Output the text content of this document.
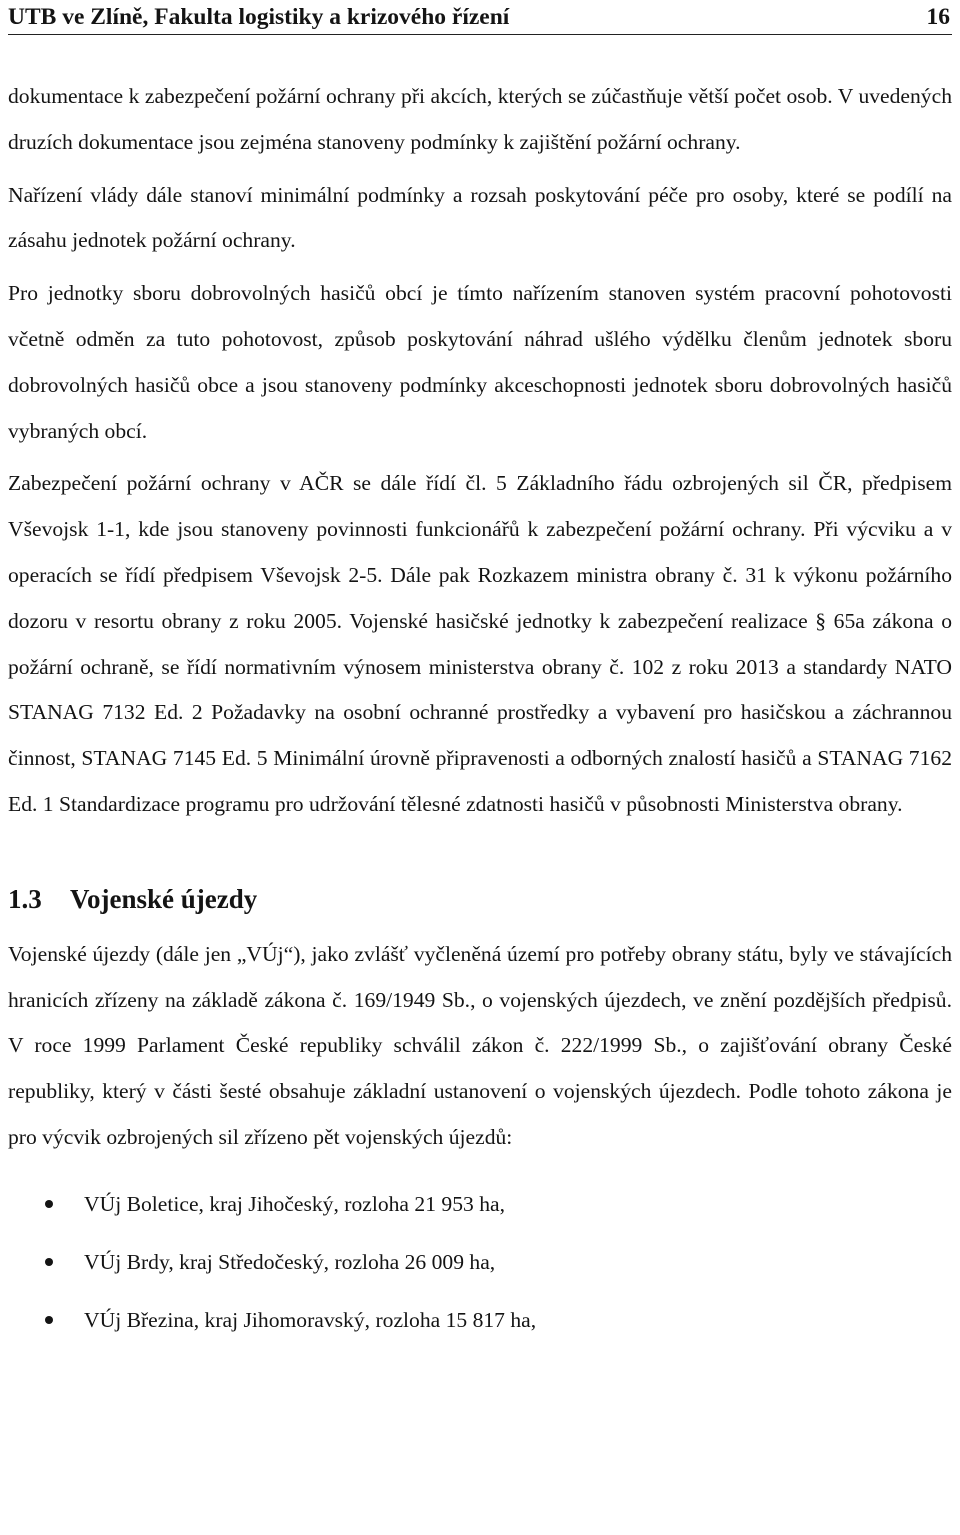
UTB ve Zlíně, Fakulta logistiky a krizového řízení	16

dokumentace k zabezpečení požární ochrany při akcích, kterých se zúčastňuje větší počet osob. V uvedených druzích dokumentace jsou zejména stanoveny podmínky k zajištění požární ochrany.

Nařízení vlády dále stanoví minimální podmínky a rozsah poskytování péče pro osoby, které se podílí na zásahu jednotek požární ochrany.

Pro jednotky sboru dobrovolných hasičů obcí je tímto nařízením stanoven systém pracovní pohotovosti včetně odměn za tuto pohotovost, způsob poskytování náhrad ušlého výdělku členům jednotek sboru dobrovolných hasičů obce a jsou stanoveny podmínky akceschopnosti jednotek sboru dobrovolných hasičů vybraných obcí.

Zabezpečení požární ochrany v AČR se dále řídí čl. 5 Základního řádu ozbrojených sil ČR, předpisem Vševojsk 1-1, kde jsou stanoveny povinnosti funkcionářů k zabezpečení požární ochrany. Při výcviku a v operacích se řídí předpisem Vševojsk 2-5. Dále pak Rozkazem ministra obrany č. 31 k výkonu požárního dozoru v resortu obrany z roku 2005. Vojenské hasičské jednotky k zabezpečení realizace § 65a zákona o požární ochraně, se řídí normativním výnosem ministerstva obrany č. 102 z roku 2013 a standardy NATO STANAG 7132 Ed. 2 Požadavky na osobní ochranné prostředky a vybavení pro hasičskou a záchrannou činnost, STANAG 7145 Ed. 5 Minimální úrovně připravenosti a odborných znalostí hasičů a STANAG 7162 Ed. 1 Standardizace programu pro udržování tělesné zdatnosti hasičů v působnosti Ministerstva obrany.

1.3	Vojenské újezdy

Vojenské újezdy (dále jen „VÚj“), jako zvlášť vyčleněná území pro potřeby obrany státu, byly ve stávajících hranicích zřízeny na základě zákona č. 169/1949 Sb., o vojenských újezdech, ve znění pozdějších předpisů. V roce 1999 Parlament České republiky schválil zákon č. 222/1999 Sb., o zajišťování obrany České republiky, který v části šesté obsahuje základní ustanovení o vojenských újezdech. Podle tohoto zákona je pro výcvik ozbrojených sil zřízeno pět vojenských újezdů:

VÚj Boletice, kraj Jihočeský, rozloha 21 953 ha,
VÚj Brdy, kraj Středočeský, rozloha 26 009 ha,
VÚj Březina, kraj Jihomoravský, rozloha 15 817 ha,
